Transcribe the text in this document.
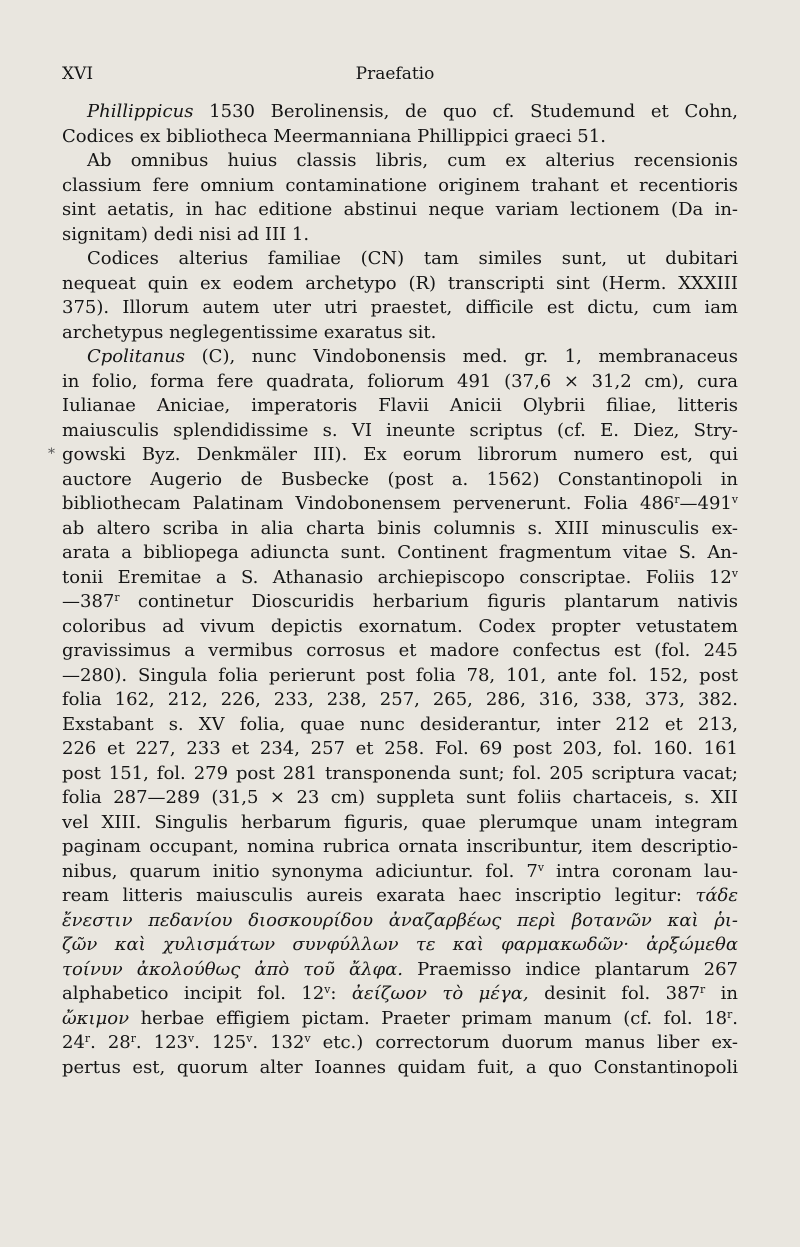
XVI	Praefatio
*
Phillippicus 1530 Berolinensis, de quo cf. Studemund et Cohn,
Codices ex bibliotheca Meermanniana Phillippici graeci 51.
Ab omnibus huius classis libris, cum ex alterius recensionis
classium fere omnium contaminatione originem trahant et recentioris
sint aetatis, in hac editione abstinui neque variam lectionem (Da in-
signitam) dedi nisi ad III 1.
Codices alterius familiae (CN) tam similes sunt, ut dubitari
nequeat quin ex eodem archetypo (R) transcripti sint (Herm. XXXIII
375). Illorum autem uter utri praestet, difficile est dictu, cum iam
archetypus neglegentissime exaratus sit.
Cpolitanus (C), nunc Vindobonensis med. gr. 1, membranaceus
in folio, forma fere quadrata, foliorum 491 (37,6 × 31,2 cm), cura
Iulianae Aniciae, imperatoris Flavii Anicii Olybrii filiae, litteris
maiusculis splendidissime s. VI ineunte scriptus (cf. E. Diez, Stry-
gowski Byz. Denkmäler III). Ex eorum librorum numero est, qui
auctore Augerio de Busbecke (post a. 1562) Constantinopoli in
bibliothecam Palatinam Vindobonensem pervenerunt. Folia 486$^r$—491$^v$
ab altero scriba in alia charta binis columnis s. XIII minusculis ex-
arata a bibliopega adiuncta sunt. Continent fragmentum vitae S. An-
tonii Eremitae a S. Athanasio archiepiscopo conscriptae. Foliis 12$^v$
—387$^r$ continetur Dioscuridis herbarium figuris plantarum nativis
coloribus ad vivum depictis exornatum. Codex propter vetustatem
gravissimus a vermibus corrosus et madore confectus est (fol. 245
—280). Singula folia perierunt post folia 78, 101, ante fol. 152, post
folia 162, 212, 226, 233, 238, 257, 265, 286, 316, 338, 373, 382.
Exstabant s. XV folia, quae nunc desiderantur, inter 212 et 213,
226 et 227, 233 et 234, 257 et 258. Fol. 69 post 203, fol. 160. 161
post 151, fol. 279 post 281 transponenda sunt; fol. 205 scriptura vacat;
folia 287—289 (31,5 × 23 cm) suppleta sunt foliis chartaceis, s. XII
vel XIII. Singulis herbarum figuris, quae plerumque unam integram
paginam occupant, nomina rubrica ornata inscribuntur, item descriptio-
nibus, quarum initio synonyma adiciuntur. fol. 7$^v$ intra coronam lau-
ream litteris maiusculis aureis exarata haec inscriptio legitur: τάδε
ἔνεστιν πεδανίου διοσκουρίδου ἀναζαρβέως περὶ βοτανῶν καὶ ῥι-
ζῶν καὶ χυλισμάτων συνφύλλων τε καὶ φαρμακωδῶν· ἀρξώμεθα
τοίνυν ἀκολούθως ἀπὸ τοῦ ἄλφα. Praemisso indice plantarum 267
alphabetico incipit fol. 12$^v$: ἀείζωον τὸ μέγα, desinit fol. 387$^r$ in
ὤκιμον herbae effigiem pictam. Praeter primam manum (cf. fol. 18$^r$.
24$^r$. 28$^r$. 123$^v$. 125$^v$. 132$^v$ etc.) correctorum duorum manus liber ex-
pertus est, quorum alter Ioannes quidam fuit, a quo Constantinopoli
